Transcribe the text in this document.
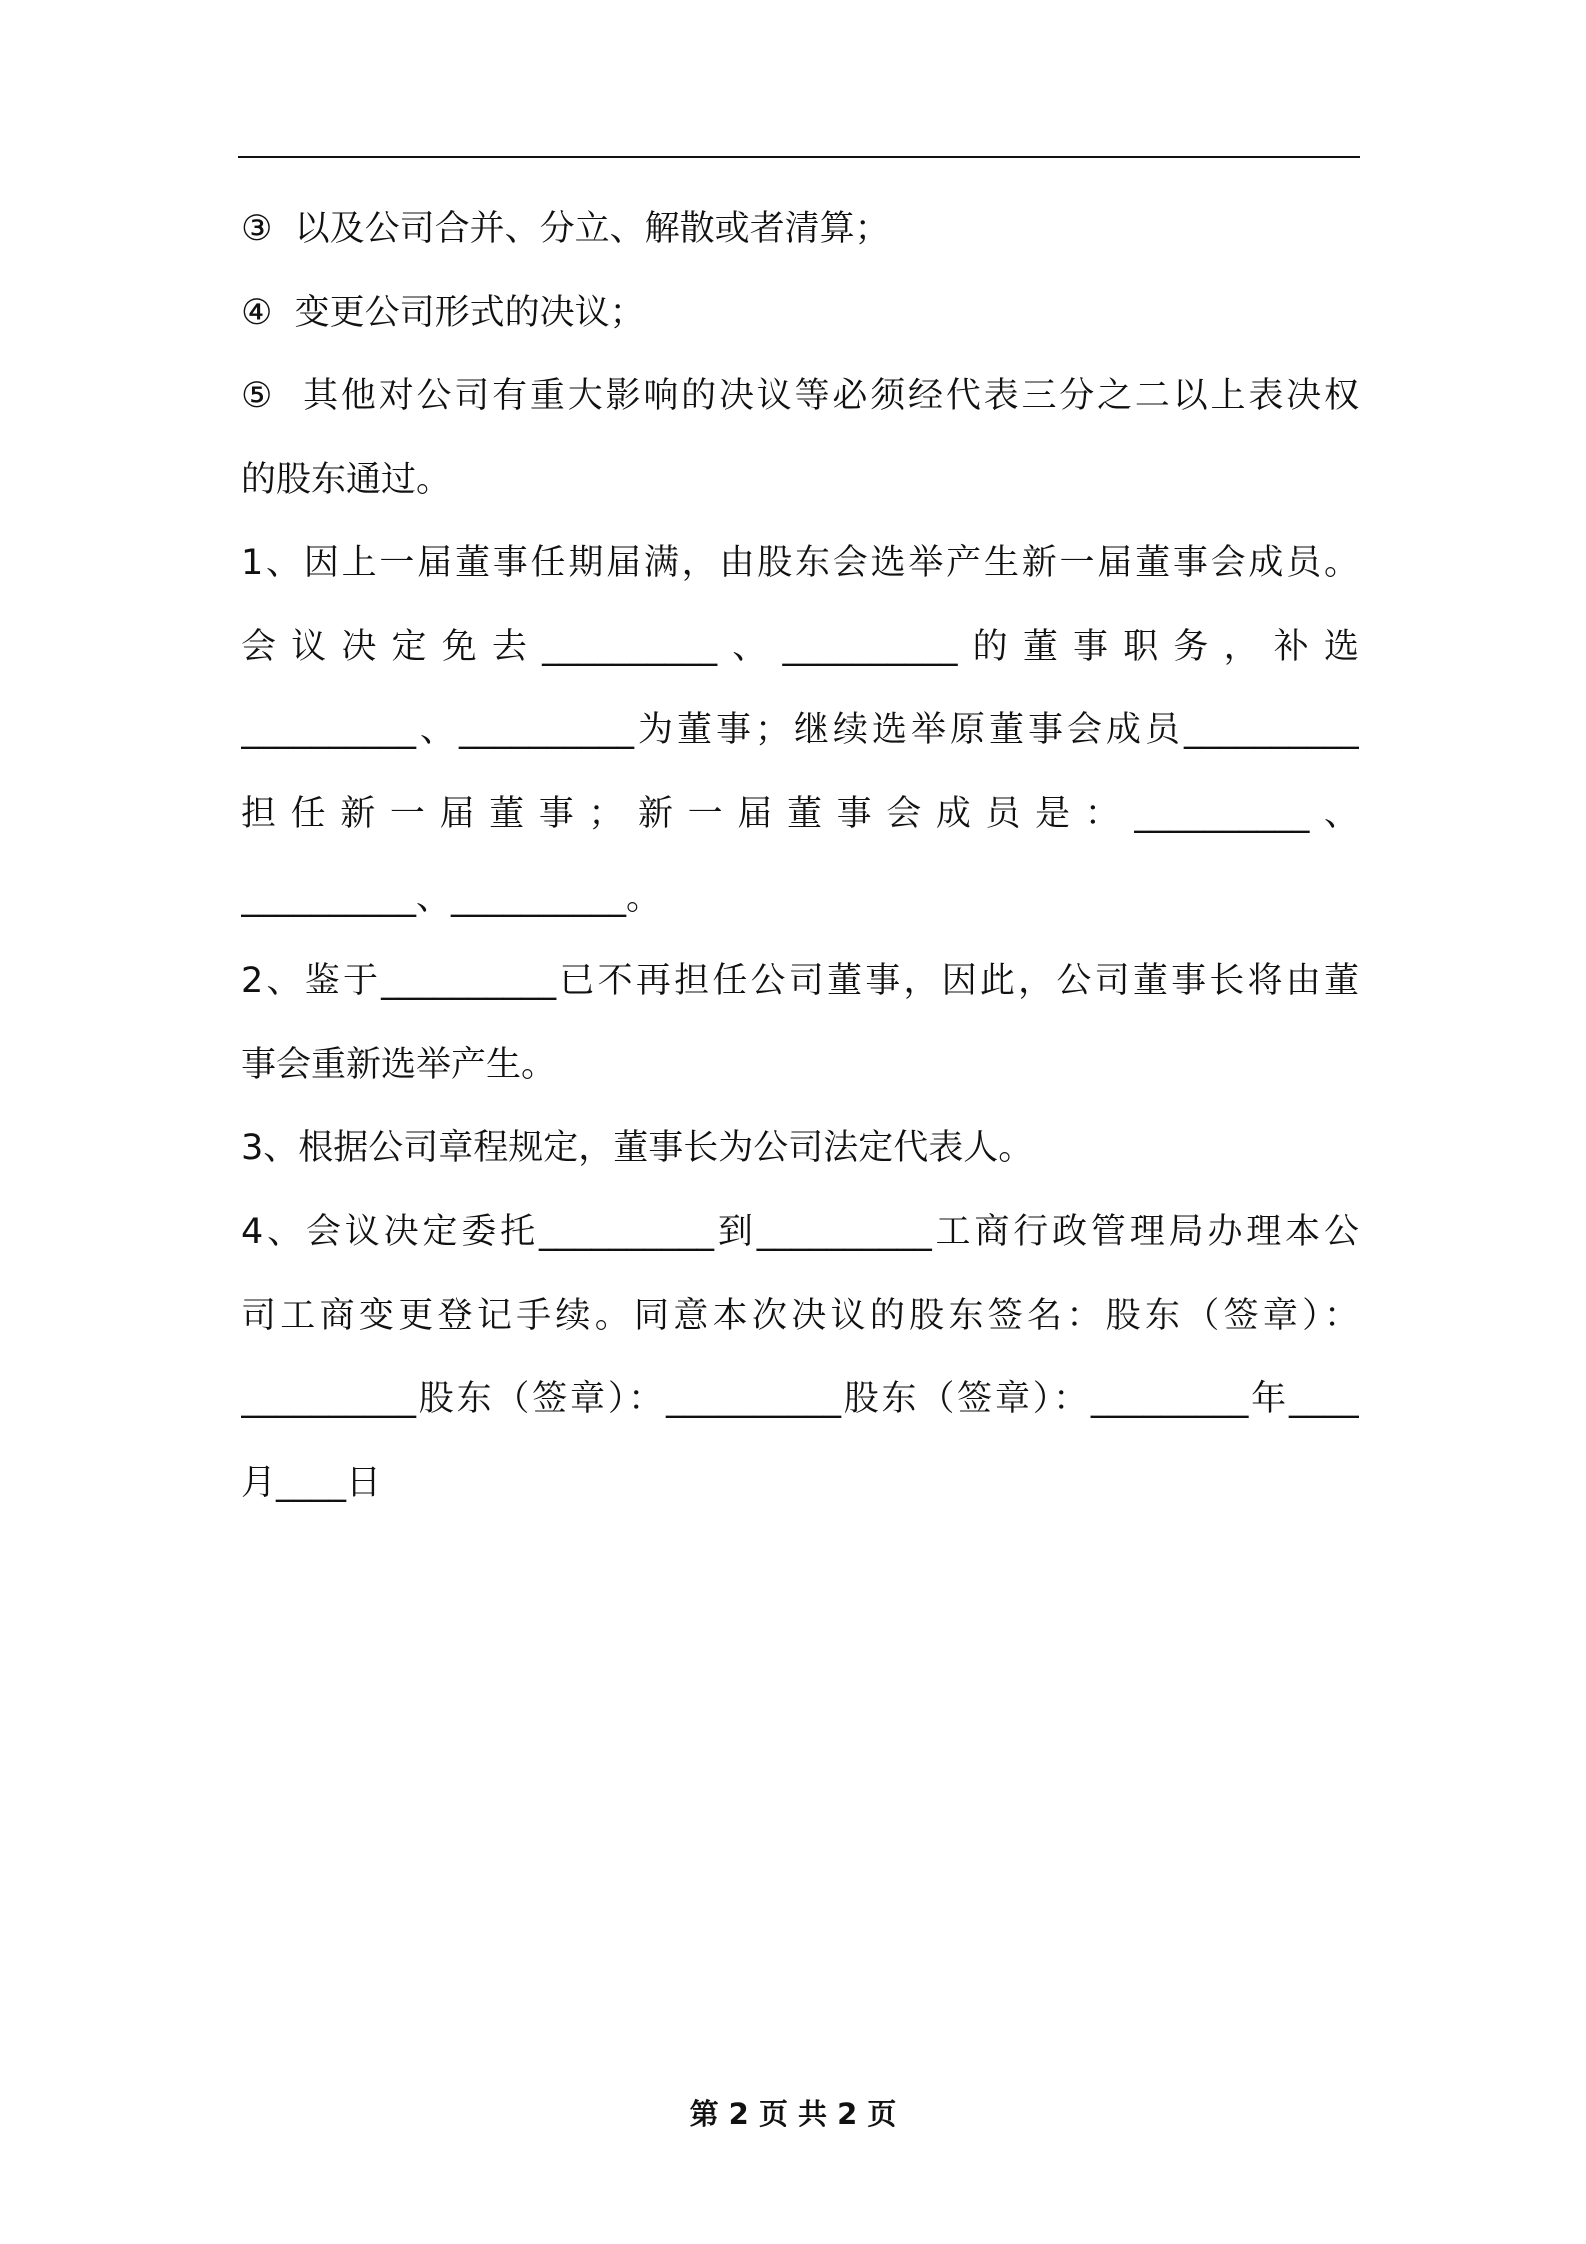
③  以及公司合并、分立、解散或者清算；
④  变更公司形式的决议；
⑤  其他对公司有重大影响的决议等必须经代表三分之二以上表决权
的股东通过。
1、因上一届董事任期届满，由股东会选举产生新一届董事会成员。
会议决定免去__________、__________的董事职务，补选
__________、__________为董事；继续选举原董事会成员__________
担任新一届董事；新一届董事会成员是：__________、
__________、__________。
2、鉴于__________已不再担任公司董事，因此，公司董事长将由董
事会重新选举产生。
3、根据公司章程规定，董事长为公司法定代表人。
4、会议决定委托__________到__________工商行政管理局办理本公
司工商变更登记手续。同意本次决议的股东签名：股东（签章）：
__________股东（签章）：__________股东（签章）：_________年____
月____日
第 2 页 共 2 页
